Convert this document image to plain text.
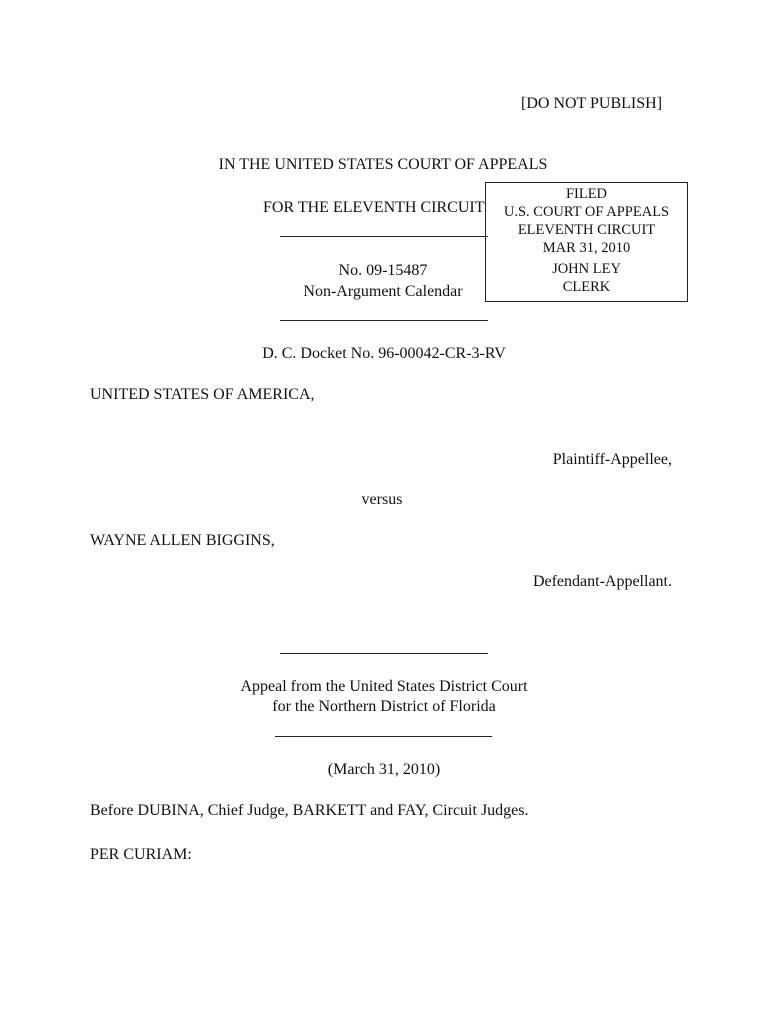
[DO NOT PUBLISH]
IN THE UNITED STATES COURT OF APPEALS
FOR THE ELEVENTH CIRCUIT
No. 09-15487
Non-Argument Calendar
D. C. Docket No. 96-00042-CR-3-RV
UNITED STATES OF AMERICA,
Plaintiff-Appellee,
versus
WAYNE ALLEN BIGGINS,
Defendant-Appellant.
Appeal from the United States District Court
for the Northern District of Florida
(March 31, 2010)
Before DUBINA, Chief Judge, BARKETT and FAY, Circuit Judges.
PER CURIAM:
FILED
U.S. COURT OF APPEALS
ELEVENTH CIRCUIT
MAR 31, 2010
JOHN LEY
CLERK
